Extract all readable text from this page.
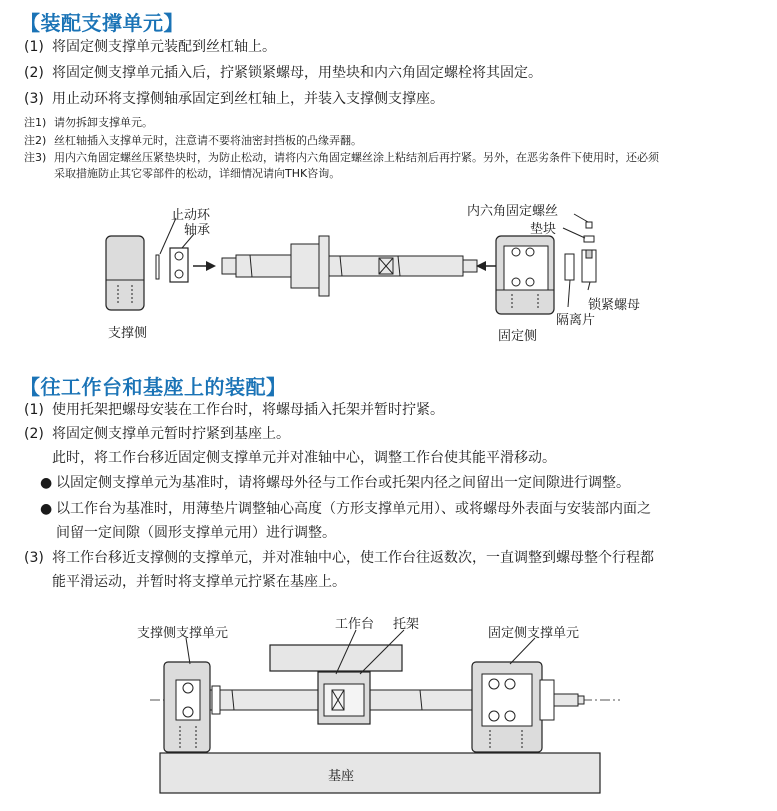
【装配支撑单元】
(1) 将固定侧支撑单元装配到丝杠轴上。
(2) 将固定侧支撑单元插入后，拧紧锁紧螺母，用垫块和内六角固定螺栓将其固定。
(3) 用止动环将支撑侧轴承固定到丝杠轴上，并装入支撑侧支撑座。
注1) 请勿拆卸支撑单元。
注2) 丝杠轴插入支撑单元时，注意请不要将油密封挡板的凸缘弄翻。
注3) 用内六角固定螺丝压紧垫块时，为防止松动，请将内六角固定螺丝涂上粘结剂后再拧紧。另外，在恶劣条件下使用时，还必须
采取措施防止其它零部件的松动，详细情况请向THK咨询。
止动环
轴承
支撑侧
内六角固定螺丝
垫块
锁紧螺母
隔离片
固定侧
【往工作台和基座上的装配】
(1) 使用托架把螺母安装在工作台时，将螺母插入托架并暂时拧紧。
(2) 将固定侧支撑单元暂时拧紧到基座上。
此时，将工作台移近固定侧支撑单元并对准轴中心，调整工作台使其能平滑移动。
● 以固定侧支撑单元为基准时，请将螺母外径与工作台或托架内径之间留出一定间隙进行调整。
● 以工作台为基准时，用薄垫片调整轴心高度（方形支撑单元用）、或将螺母外表面与安装部内面之
间留一定间隙（圆形支撑单元用）进行调整。
(3) 将工作台移近支撑侧的支撑单元，并对准轴中心，使工作台往返数次，一直调整到螺母整个行程都
能平滑运动，并暂时将支撑单元拧紧在基座上。
支撑侧支撑单元
工作台 托架
固定侧支撑单元
基座
